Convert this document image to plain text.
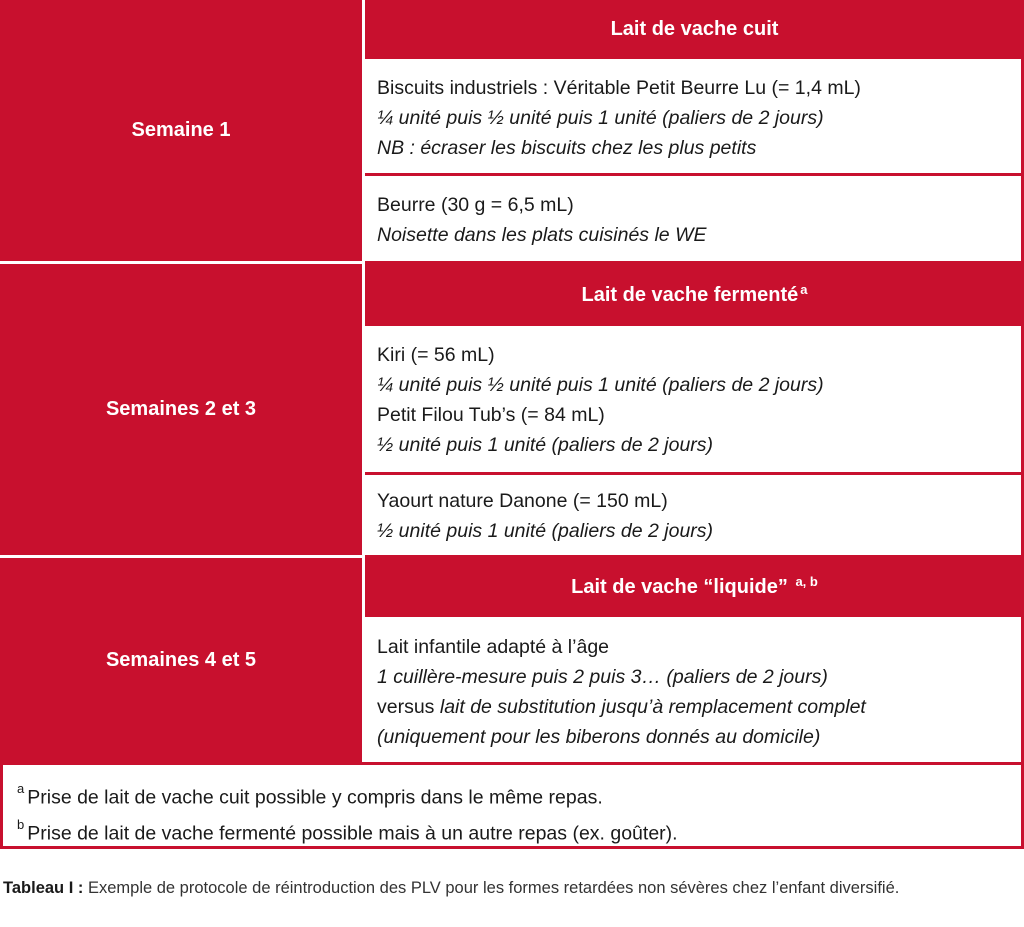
Semaine 1
Semaines 2 et 3
Semaines 4 et 5
Lait de vache cuit
Lait de vache fermenté$^a$
Lait de vache “liquide”
$^{a, b}$
Biscuits industriels : Véritable Petit Beurre Lu (= 1,4 mL)
¼ unité puis ½ unité puis 1 unité (paliers de 2 jours)
NB : écraser les biscuits chez les plus petits
Beurre (30 g = 6,5 mL)
Noisette dans les plats cuisinés le WE
Kiri (= 56 mL)
¼ unité puis ½ unité puis 1 unité (paliers de 2 jours)
Petit Filou Tub’s (= 84 mL)
½ unité puis 1 unité (paliers de 2 jours)
Yaourt nature Danone (= 150 mL)
½ unité puis 1 unité (paliers de 2 jours)
Lait infantile adapté à l’âge
1 cuillère-mesure puis 2 puis 3… (paliers de 2 jours)
versus lait de substitution jusqu’à remplacement complet
(uniquement pour les biberons donnés au domicile)
$^a$ Prise de lait de vache cuit possible y compris dans le même repas.
$^b$ Prise de lait de vache fermenté possible mais à un autre repas (ex. goûter).
Tableau I : Exemple de protocole de réintroduction des PLV pour les formes retardées non sévères chez l’enfant diversifié.
